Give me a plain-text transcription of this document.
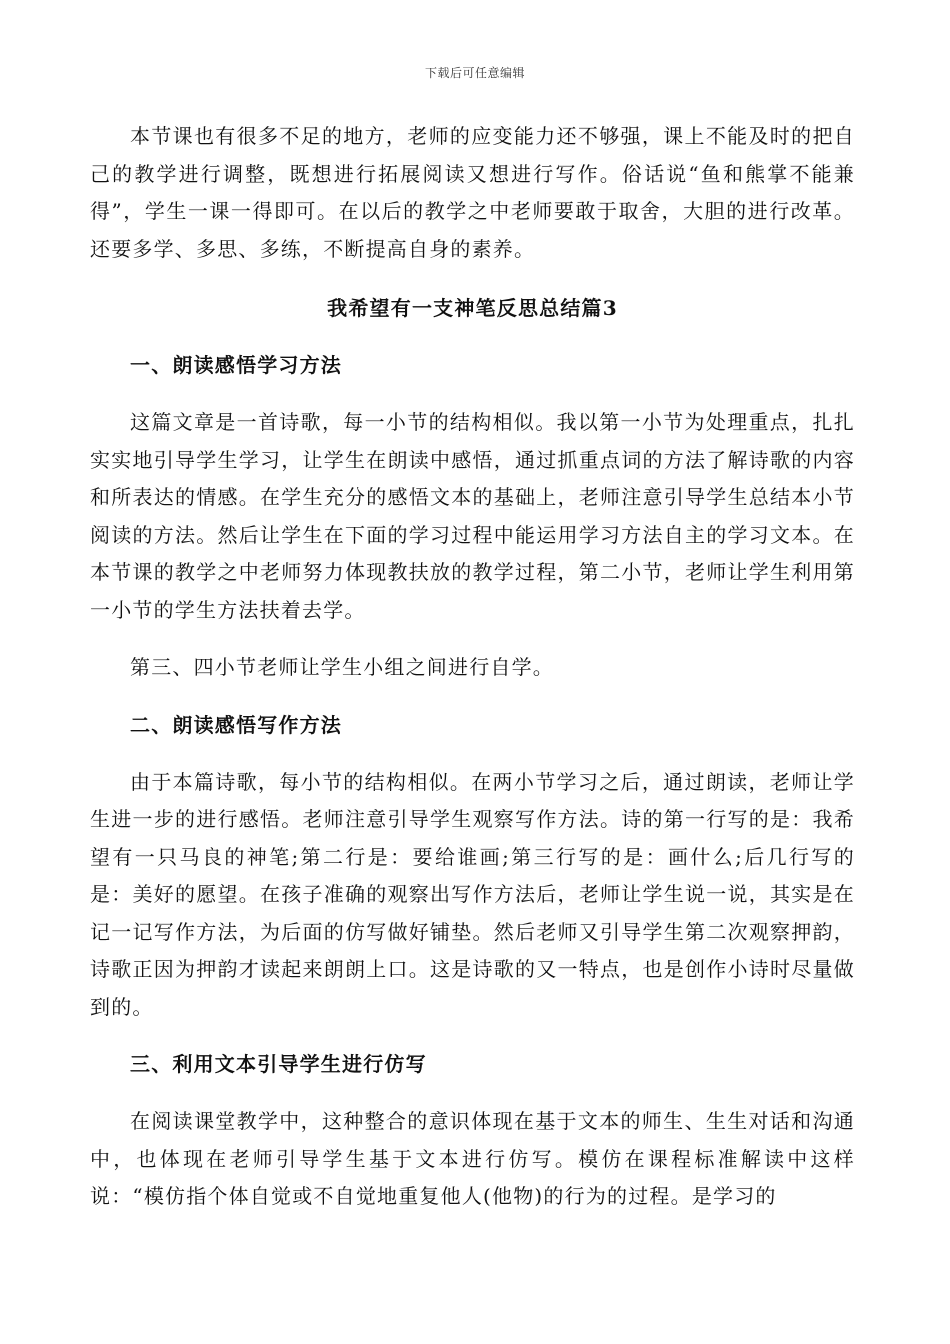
下载后可任意编辑

本节课也有很多不足的地方，老师的应变能力还不够强，课上不能及时的把自己的教学进行调整，既想进行拓展阅读又想进行写作。俗话说“鱼和熊掌不能兼得”，学生一课一得即可。在以后的教学之中老师要敢于取舍，大胆的进行改革。还要多学、多思、多练，不断提高自身的素养。

我希望有一支神笔反思总结篇3

一、朗读感悟学习方法

这篇文章是一首诗歌，每一小节的结构相似。我以第一小节为处理重点，扎扎实实地引导学生学习，让学生在朗读中感悟，通过抓重点词的方法了解诗歌的内容和所表达的情感。在学生充分的感悟文本的基础上，老师注意引导学生总结本小节阅读的方法。然后让学生在下面的学习过程中能运用学习方法自主的学习文本。在本节课的教学之中老师努力体现教扶放的教学过程，第二小节，老师让学生利用第一小节的学生方法扶着去学。

第三、四小节老师让学生小组之间进行自学。

二、朗读感悟写作方法

由于本篇诗歌，每小节的结构相似。在两小节学习之后，通过朗读，老师让学生进一步的进行感悟。老师注意引导学生观察写作方法。诗的第一行写的是：我希望有一只马良的神笔;第二行是：要给谁画;第三行写的是：画什么;后几行写的是：美好的愿望。在孩子准确的观察出写作方法后，老师让学生说一说，其实是在记一记写作方法，为后面的仿写做好铺垫。然后老师又引导学生第二次观察押韵，诗歌正因为押韵才读起来朗朗上口。这是诗歌的又一特点，也是创作小诗时尽量做到的。

三、利用文本引导学生进行仿写

在阅读课堂教学中，这种整合的意识体现在基于文本的师生、生生对话和沟通中，也体现在老师引导学生基于文本进行仿写。模仿在课程标准解读中这样说：“模仿指个体自觉或不自觉地重复他人(他物)的行为的过程。是学习的
